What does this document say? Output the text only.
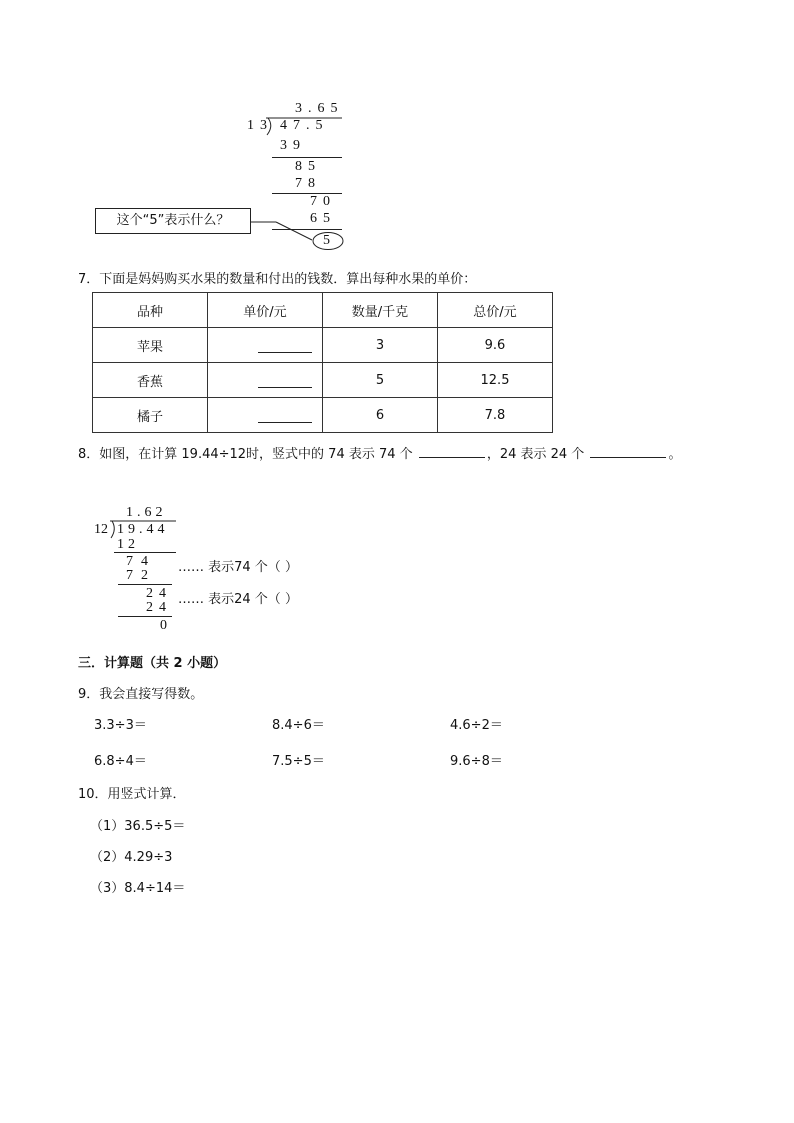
3.65
13 47.5
39
85
78
70
65
5
这个“5”表示什么？
7．下面是妈妈购买水果的数量和付出的钱数．算出每种水果的单价：
品种	单价/元	数量/千克	总价/元
苹果		3	9.6
香蕉		5	12.5
橘子		6	7.8
8．如图，在计算 19.44÷12时，竖式中的 74 表示 74 个	，24 表示 24 个	。
1.62
12 19.44
12
74
72
24
24
0
…… 表示74 个（ ）
…… 表示24 个（ ）
三．计算题（共 2 小题）
9．我会直接写得数。
3.3÷3＝	8.4÷6＝	4.6÷2＝
6.8÷4＝	7.5÷5＝	9.6÷8＝
10．用竖式计算．
（1）36.5÷5＝
（2）4.29÷3
（3）8.4÷14＝
